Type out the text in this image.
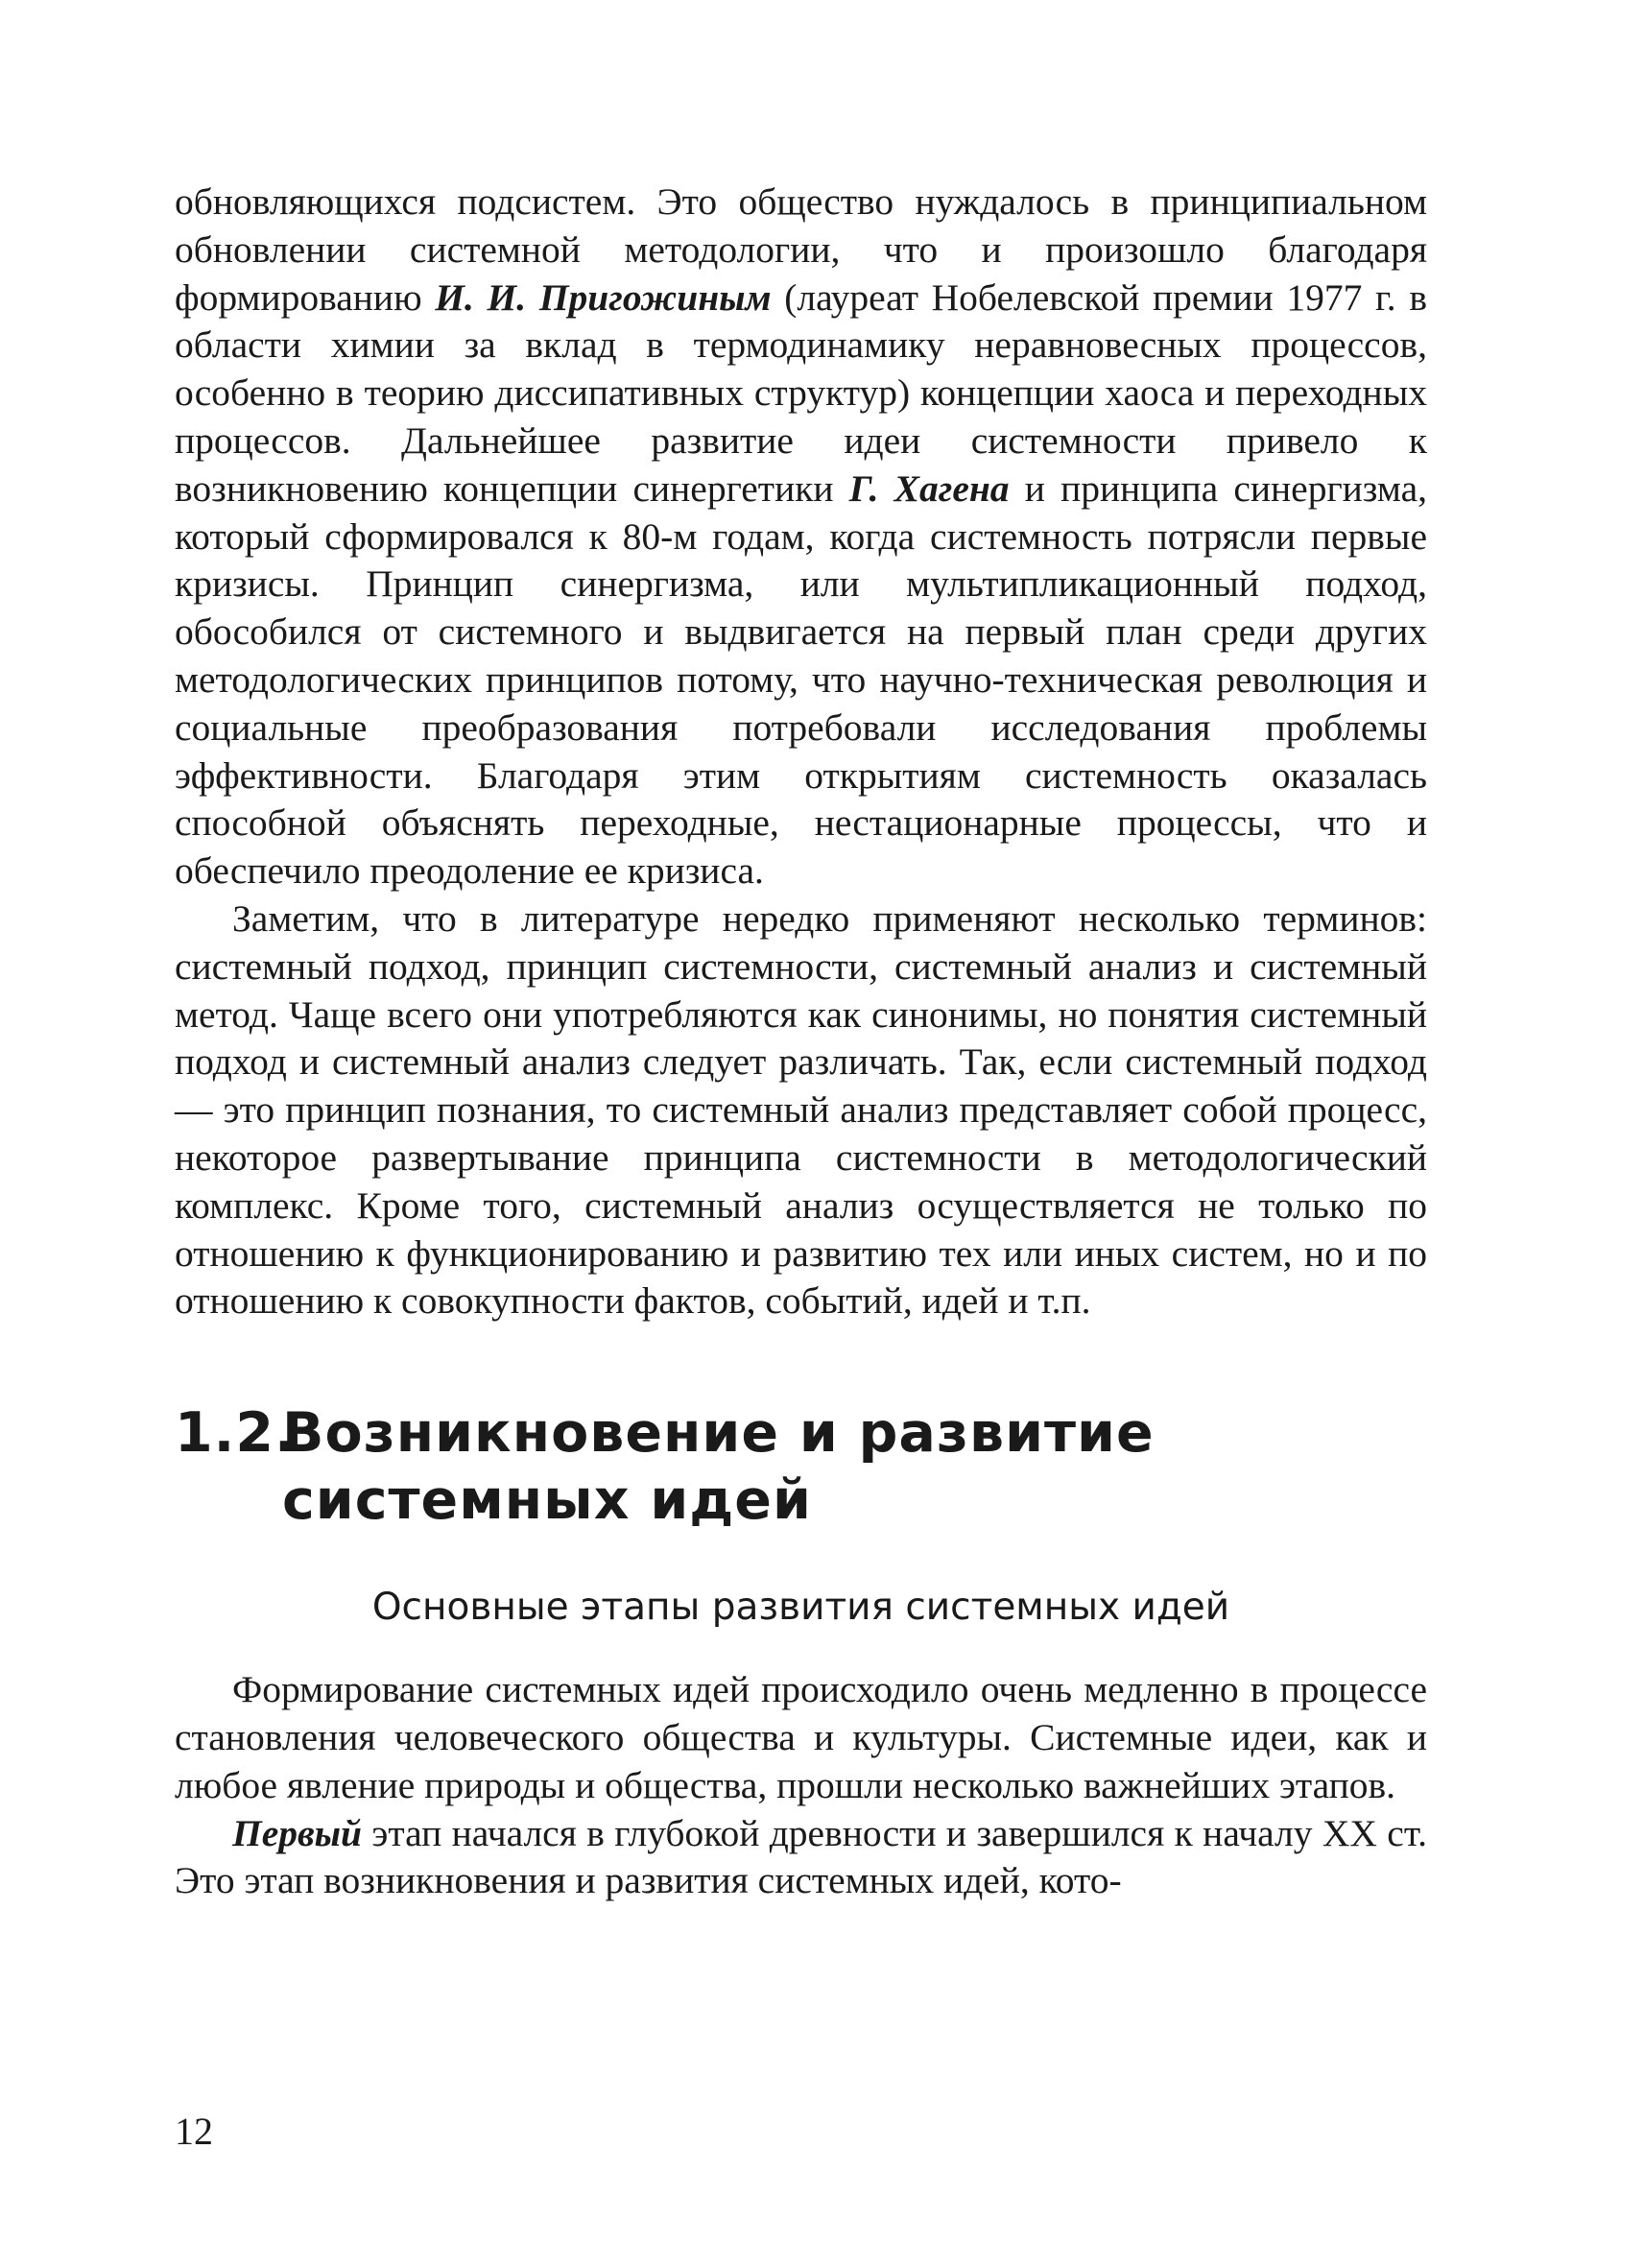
обновляющихся подсистем. Это общество нуждалось в принципиальном обновлении системной методологии, что и произошло благодаря формированию И. И. Пригожиным (лауреат Нобелевской премии 1977 г. в области химии за вклад в термодинамику неравновесных процессов, особенно в теорию диссипативных структур) концепции хаоса и переходных процессов. Дальнейшее развитие идеи системности привело к возникновению концепции синергетики Г. Хагена и принципа синергизма, который сформировался к 80-м годам, когда системность потрясли первые кризисы. Принцип синергизма, или мультипликационный подход, обособился от системного и выдвигается на первый план среди других методологических принципов потому, что научно-техническая революция и социальные преобразования потребовали исследования проблемы эффективности. Благодаря этим открытиям системность оказалась способной объяснять переходные, нестационарные процессы, что и обеспечило преодоление ее кризиса.

Заметим, что в литературе нередко применяют несколько терминов: системный подход, принцип системности, системный анализ и системный метод. Чаще всего они употребляются как синонимы, но понятия системный подход и системный анализ следует различать. Так, если системный подход — это принцип познания, то системный анализ представляет собой процесс, некоторое развертывание принципа системности в методологический комплекс. Кроме того, системный анализ осуществляется не только по отношению к функционированию и развитию тех или иных систем, но и по отношению к совокупности фактов, событий, идей и т.п.

1.2.
Возникновение и развитие
системных идей
Основные этапы развития системных идей

Формирование системных идей происходило очень медленно в процессе становления человеческого общества и культуры. Системные идеи, как и любое явление природы и общества, прошли несколько важнейших этапов.

Первый этап начался в глубокой древности и завершился к началу XX ст. Это этап возникновения и развития системных идей, кото-

12
